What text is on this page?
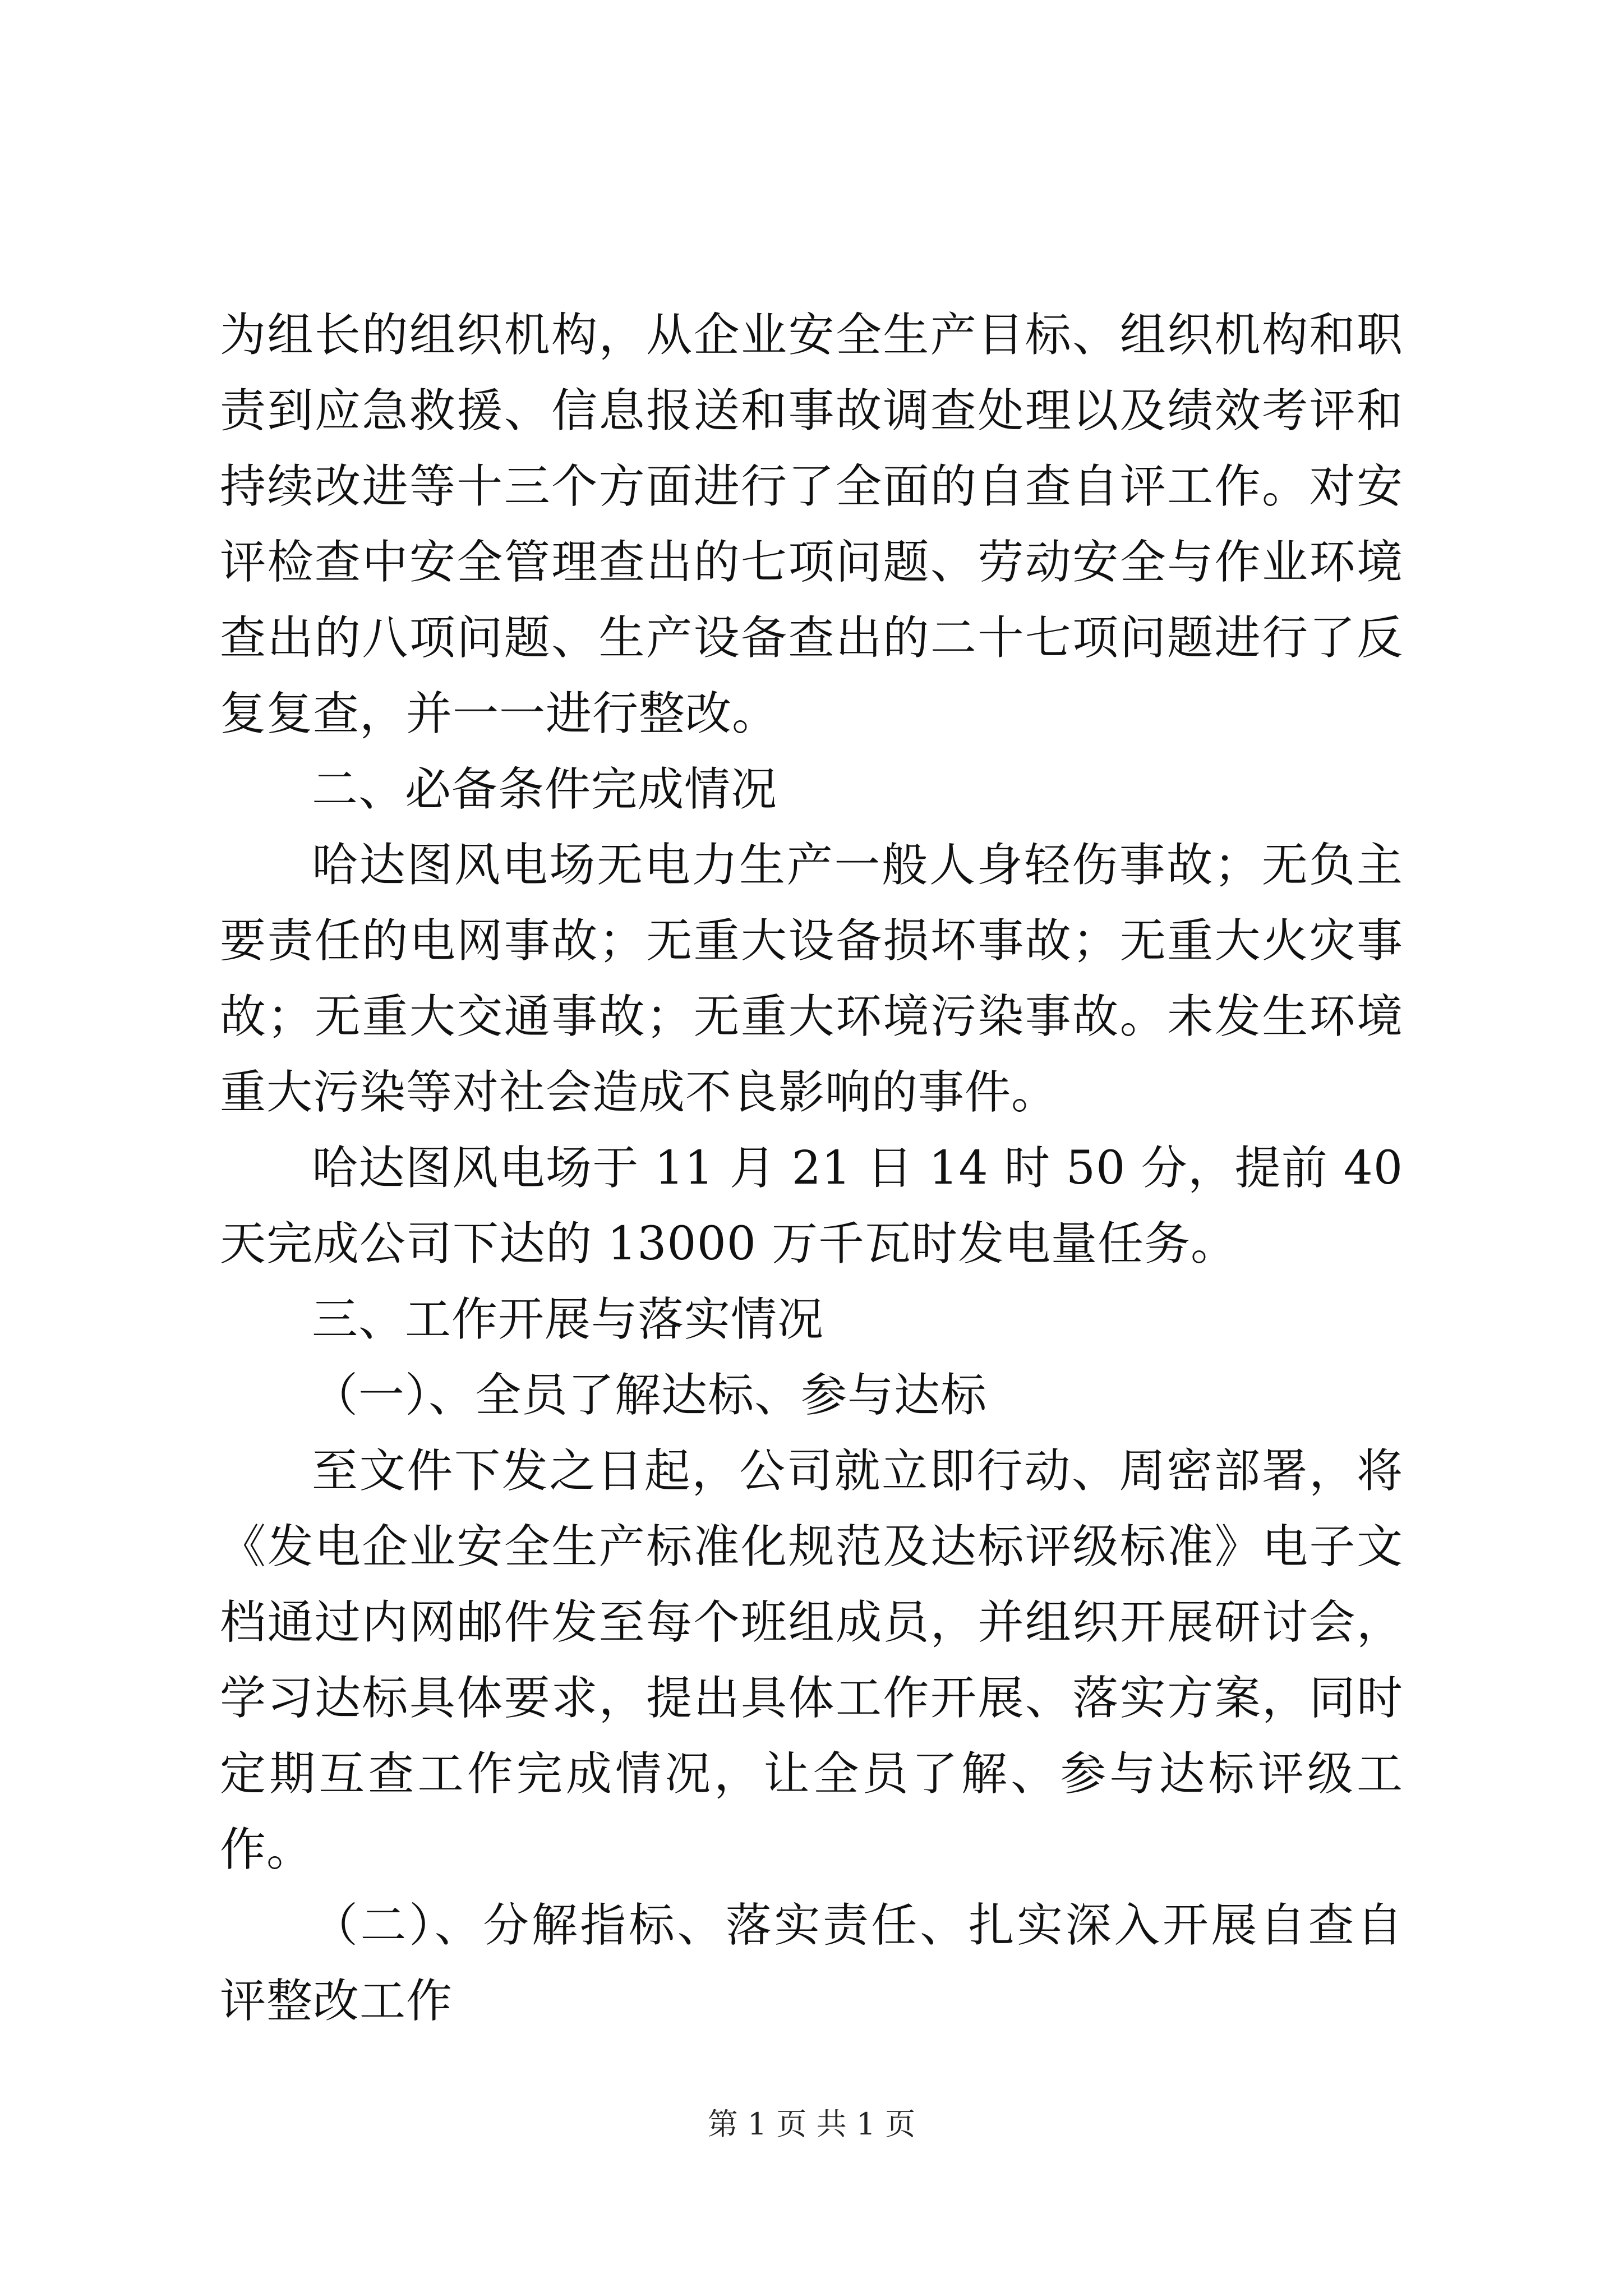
为组长的组织机构，从企业安全生产目标、组织机构和职责到应急救援、信息报送和事故调查处理以及绩效考评和持续改进等十三个方面进行了全面的自查自评工作。对安评检查中安全管理查出的七项问题、劳动安全与作业环境查出的八项问题、生产设备查出的二十七项问题进行了反复复查，并一一进行整改。

二、必备条件完成情况

哈达图风电场无电力生产一般人身轻伤事故；无负主要责任的电网事故；无重大设备损坏事故；无重大火灾事故；无重大交通事故；无重大环境污染事故。未发生环境重大污染等对社会造成不良影响的事件。

哈达图风电场于 11 月 21 日 14 时 50 分，提前 40 天完成公司下达的 13000 万千瓦时发电量任务。

三、工作开展与落实情况

（一）、全员了解达标、参与达标

至文件下发之日起，公司就立即行动、周密部署，将《发电企业安全生产标准化规范及达标评级标准》电子文档通过内网邮件发至每个班组成员，并组织开展研讨会，学习达标具体要求，提出具体工作开展、落实方案，同时定期互查工作完成情况，让全员了解、参与达标评级工作。

（二）、分解指标、落实责任、扎实深入开展自查自评整改工作

第 1 页 共 1 页
